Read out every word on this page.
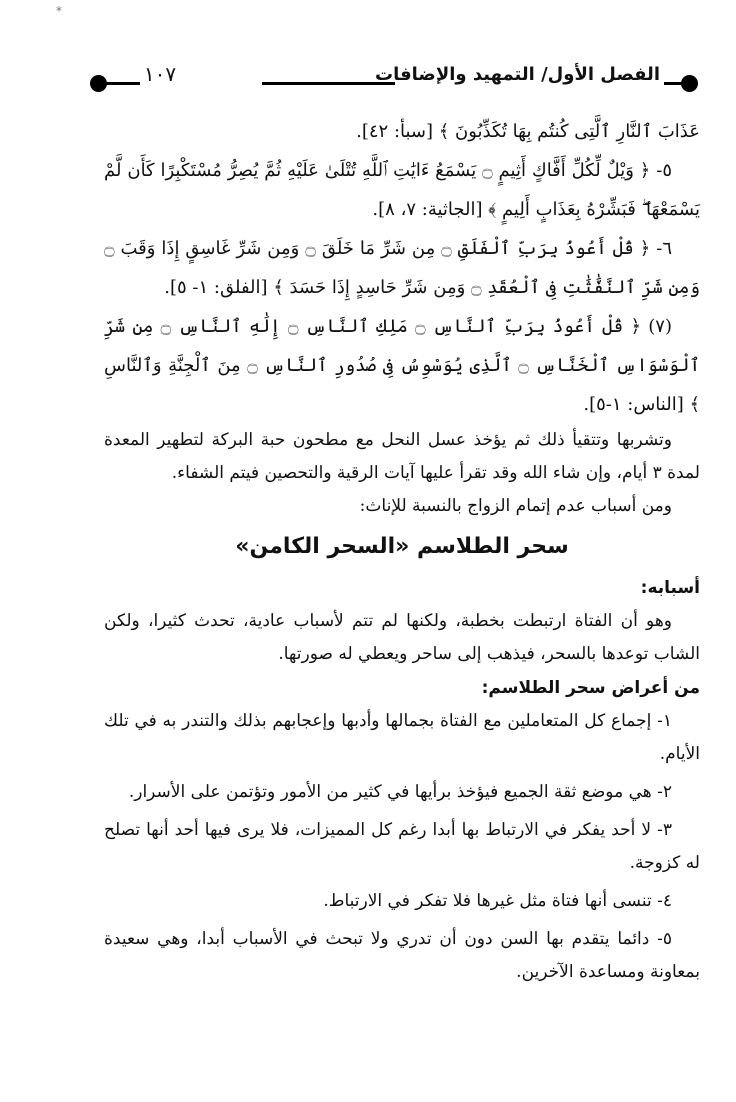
*
١٠٧	الفصل الأول/ التمهيد والإضافات

عَذَابَ ٱلنَّارِ ٱلَّتِى كُنتُم بِهَا تُكَذِّبُونَ ﴾ [سبأ: ٤٢].

٥- ﴿ وَيْلٌ لِّكُلِّ أَفَّاكٍ أَثِيمٍ ۝ يَسْمَعُ ءَايَٰتِ ٱللَّهِ تُتْلَىٰ عَلَيْهِ ثُمَّ يُصِرُّ مُسْتَكْبِرًا كَأَن لَّمْ يَسْمَعْهَا ۖ فَبَشِّرْهُ بِعَذَابٍ أَلِيمٍ ﴾ [الجاثية: ٧، ٨].

٦- ﴿ قُلْ أَعُوذُ بِرَبِّ ٱلْفَلَقِ ۝ مِن شَرِّ مَا خَلَقَ ۝ وَمِن شَرِّ غَاسِقٍ إِذَا وَقَبَ ۝ وَمِن شَرِّ ٱلنَّفَّٰثَٰتِ فِى ٱلْعُقَدِ ۝ وَمِن شَرِّ حَاسِدٍ إِذَا حَسَدَ ﴾ [الفلق: ١- ٥].

(٧) ﴿ قُلْ أَعُوذُ بِرَبِّ ٱلنَّاسِ ۝ مَلِكِ ٱلنَّاسِ ۝ إِلَٰهِ ٱلنَّاسِ ۝ مِن شَرِّ ٱلْوَسْوَاسِ ٱلْخَنَّاسِ ۝ ٱلَّذِى يُوَسْوِسُ فِى صُدُورِ ٱلنَّاسِ ۝ مِنَ ٱلْجِنَّةِ وَٱلنَّاسِ ﴾ [الناس: ١-٥].

وتشربها وتتقيأ ذلك ثم يؤخذ عسل النحل مع مطحون حبة البركة لتطهير المعدة لمدة ٣ أيام، وإن شاء الله وقد تقرأ عليها آيات الرقية والتحصين فيتم الشفاء.

ومن أسباب عدم إتمام الزواج بالنسبة للإناث:

سحر الطلاسم «السحر الكامن»
أسبابه:

وهو أن الفتاة ارتبطت بخطبة، ولكنها لم تتم لأسباب عادية، تحدث كثيرا، ولكن الشاب توعدها بالسحر، فيذهب إلى ساحر ويعطي له صورتها.

من أعراض سحر الطلاسم:

١- إجماع كل المتعاملين مع الفتاة بجمالها وأدبها وإعجابهم بذلك والتندر به في تلك الأيام.

٢- هي موضع ثقة الجميع فيؤخذ برأيها في كثير من الأمور وتؤتمن على الأسرار.

٣- لا أحد يفكر في الارتباط بها أبدا رغم كل المميزات، فلا يرى فيها أحد أنها تصلح له كزوجة.

٤- تنسى أنها فتاة مثل غيرها فلا تفكر في الارتباط.

٥- دائما يتقدم بها السن دون أن تدري ولا تبحث في الأسباب أبدا، وهي سعيدة بمعاونة ومساعدة الآخرين.
